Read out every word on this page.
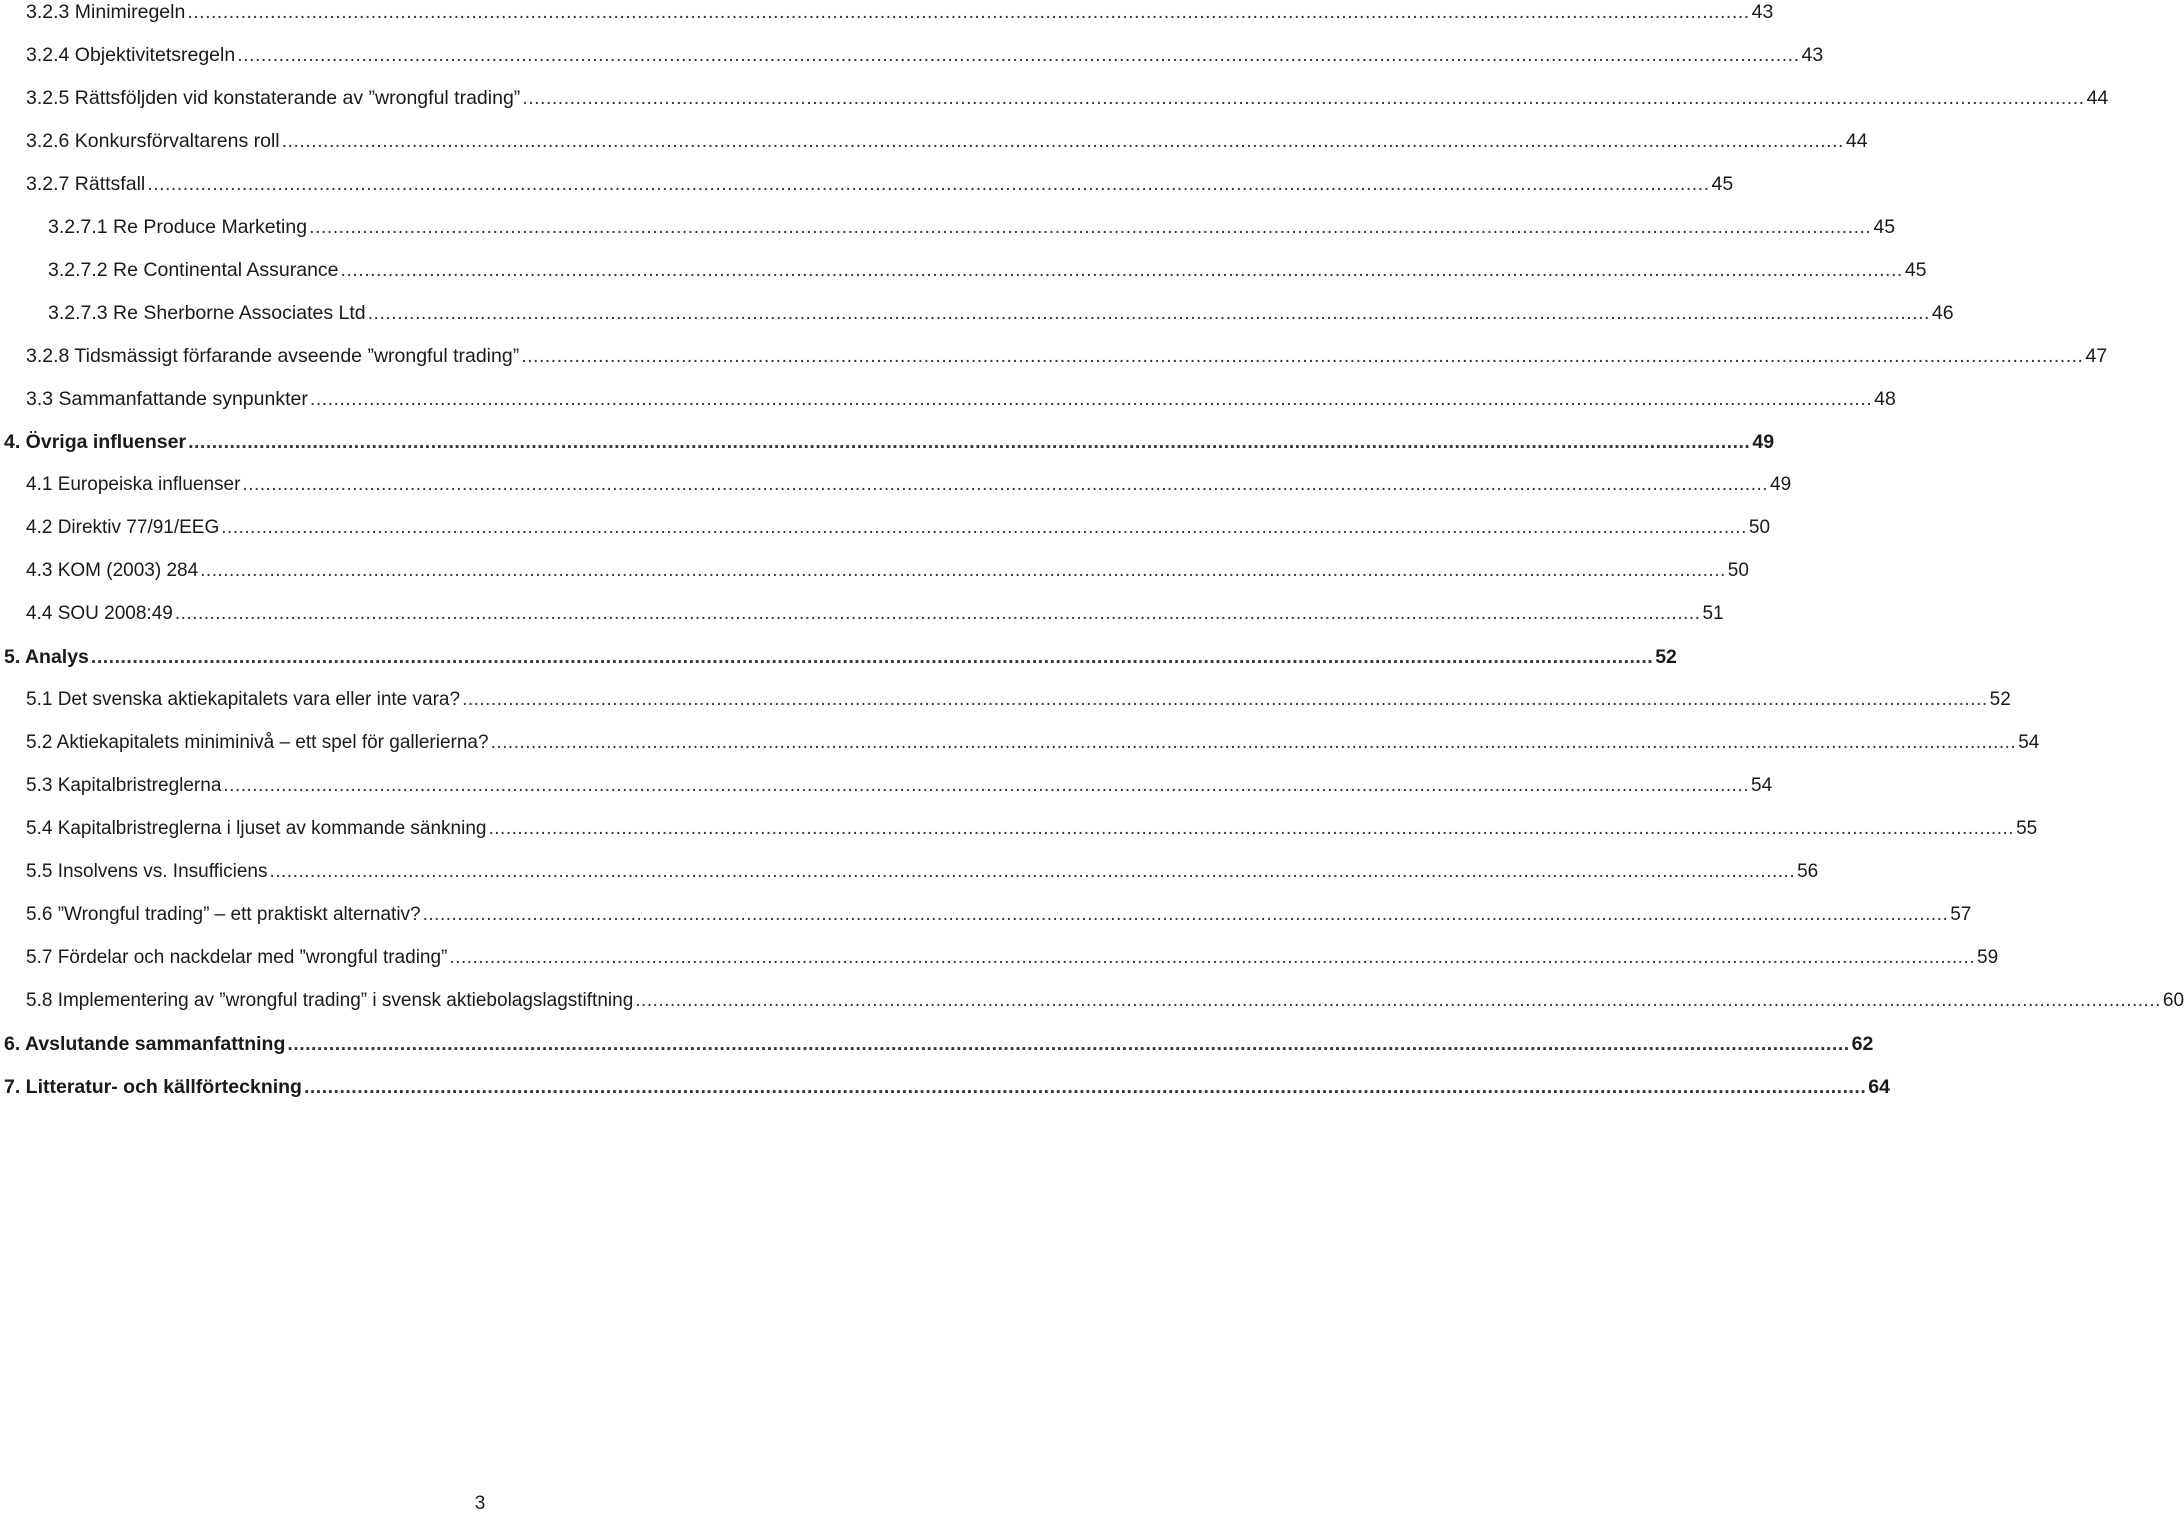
3.2.3 Minimiregeln ........................................................................................................................................................................................................................................................................ 43
3.2.4 Objektivitetsregeln ........................................................................................................................................................................................................................................................................ 43
3.2.5 Rättsföljden vid konstaterande av ”wrongful trading” ........................................................................................................................................................................................................................................................................ 44
3.2.6 Konkursförvaltarens roll ........................................................................................................................................................................................................................................................................ 44
3.2.7 Rättsfall ........................................................................................................................................................................................................................................................................ 45
3.2.7.1 Re Produce Marketing ........................................................................................................................................................................................................................................................................ 45
3.2.7.2 Re Continental Assurance ........................................................................................................................................................................................................................................................................ 45
3.2.7.3 Re Sherborne Associates Ltd ........................................................................................................................................................................................................................................................................ 46
3.2.8 Tidsmässigt förfarande avseende ”wrongful trading” ........................................................................................................................................................................................................................................................................ 47
3.3 Sammanfattande synpunkter ........................................................................................................................................................................................................................................................................ 48
4. Övriga influenser ........................................................................................................................................................................................................................................................................ 49
4.1 Europeiska influenser ........................................................................................................................................................................................................................................................................ 49
4.2 Direktiv 77/91/EEG ........................................................................................................................................................................................................................................................................ 50
4.3 KOM (2003) 284 ........................................................................................................................................................................................................................................................................ 50
4.4 SOU 2008:49 ........................................................................................................................................................................................................................................................................ 51
5. Analys ........................................................................................................................................................................................................................................................................ 52
5.1 Det svenska aktiekapitalets vara eller inte vara? ........................................................................................................................................................................................................................................................................ 52
5.2 Aktiekapitalets miniminivå – ett spel för gallerierna? ........................................................................................................................................................................................................................................................................ 54
5.3 Kapitalbristreglerna ........................................................................................................................................................................................................................................................................ 54
5.4 Kapitalbristreglerna i ljuset av kommande sänkning ........................................................................................................................................................................................................................................................................ 55
5.5 Insolvens vs. Insufficiens ........................................................................................................................................................................................................................................................................ 56
5.6 ”Wrongful trading” – ett praktiskt alternativ? ........................................................................................................................................................................................................................................................................ 57
5.7 Fördelar och nackdelar med ”wrongful trading” ........................................................................................................................................................................................................................................................................ 59
5.8 Implementering av ”wrongful trading” i svensk aktiebolagslagstiftning ........................................................................................................................................................................................................................................................................ 60
6. Avslutande sammanfattning ........................................................................................................................................................................................................................................................................ 62
7. Litteratur- och källförteckning ........................................................................................................................................................................................................................................................................ 64
3
